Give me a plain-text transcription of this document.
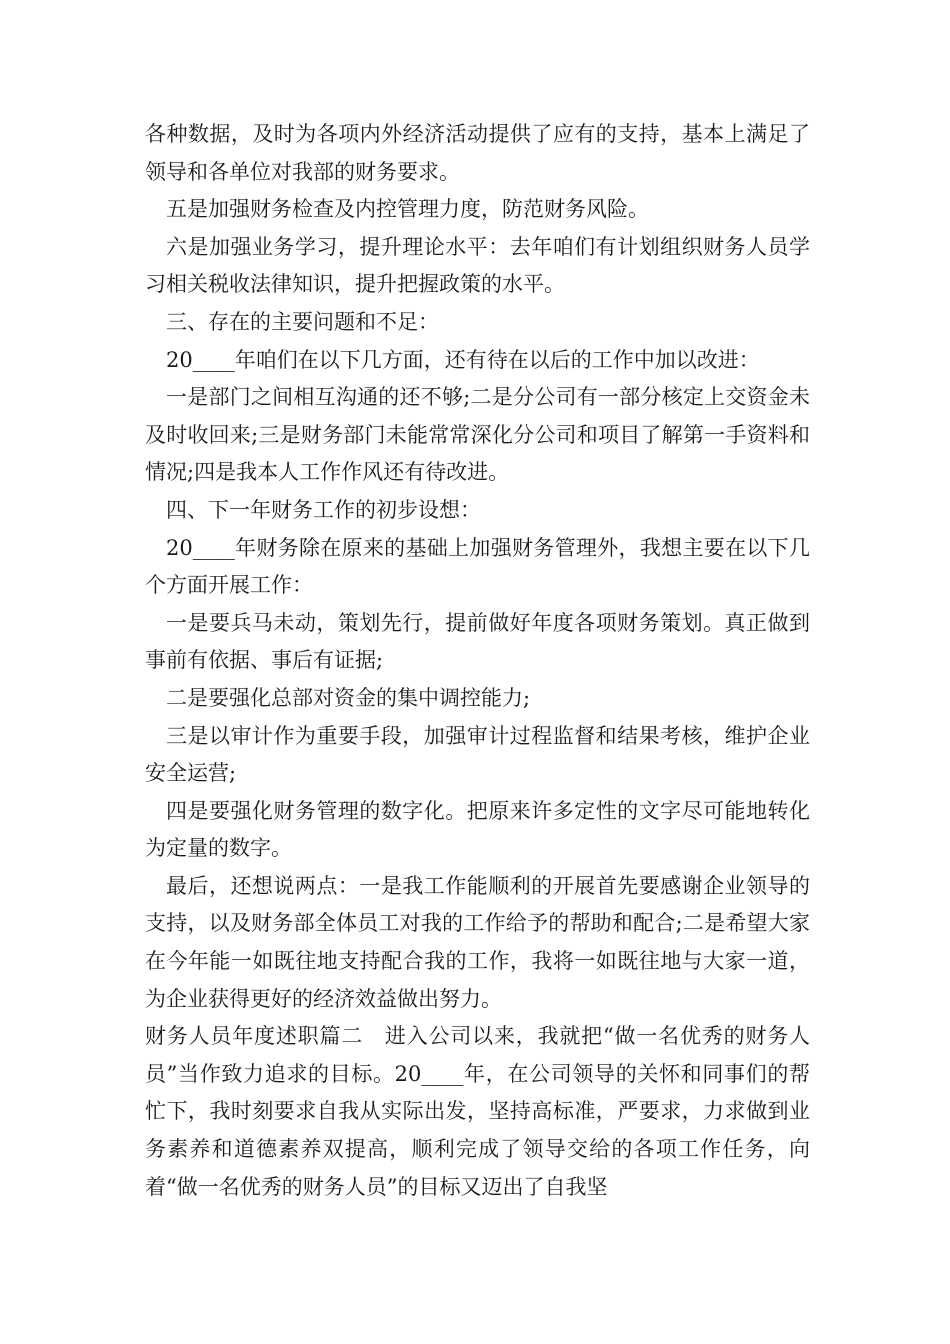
各种数据，及时为各项内外经济活动提供了应有的支持，基本上满足了领导和各单位对我部的财务要求。

五是加强财务检查及内控管理力度，防范财务风险。

六是加强业务学习，提升理论水平：去年咱们有计划组织财务人员学习相关税收法律知识，提升把握政策的水平。

三、存在的主要问题和不足：

20____年咱们在以下几方面，还有待在以后的工作中加以改进：

一是部门之间相互沟通的还不够;二是分公司有一部分核定上交资金未及时收回来;三是财务部门未能常常深化分公司和项目了解第一手资料和情况;四是我本人工作作风还有待改进。

四、下一年财务工作的初步设想：

20____年财务除在原来的基础上加强财务管理外，我想主要在以下几个方面开展工作：

一是要兵马未动，策划先行，提前做好年度各项财务策划。真正做到事前有依据、事后有证据;

二是要强化总部对资金的集中调控能力;

三是以审计作为重要手段，加强审计过程监督和结果考核，维护企业安全运营;

四是要强化财务管理的数字化。把原来许多定性的文字尽可能地转化为定量的数字。

最后，还想说两点：一是我工作能顺利的开展首先要感谢企业领导的支持，以及财务部全体员工对我的工作给予的帮助和配合;二是希望大家在今年能一如既往地支持配合我的工作，我将一如既往地与大家一道，为企业获得更好的经济效益做出努力。

财务人员年度述职篇二　进入公司以来，我就把“做一名优秀的财务人员”当作致力追求的目标。20____年，在公司领导的关怀和同事们的帮忙下，我时刻要求自我从实际出发，坚持高标准，严要求，力求做到业务素养和道德素养双提高，顺利完成了领导交给的各项工作任务，向着“做一名优秀的财务人员”的目标又迈出了自我坚
